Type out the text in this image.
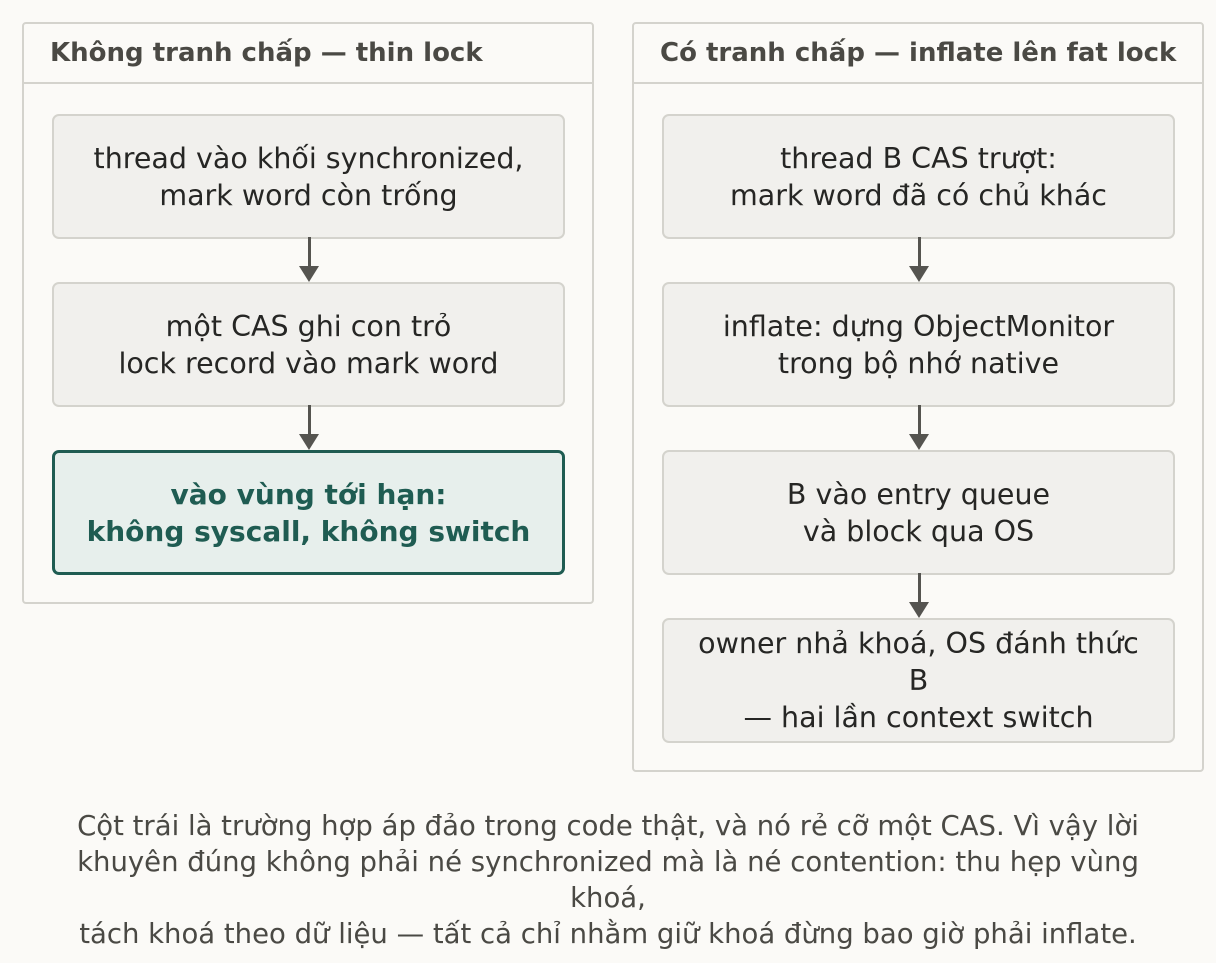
Không tranh chấp — thin lock
thread vào khối synchronized,
mark word còn trống
một CAS ghi con trỏ
lock record vào mark word
vào vùng tới hạn:
không syscall, không switch
Có tranh chấp — inflate lên fat lock
thread B CAS trượt:
mark word đã có chủ khác
inflate: dựng ObjectMonitor
trong bộ nhớ native
B vào entry queue
và block qua OS
owner nhả khoá, OS đánh thức
B
— hai lần context switch
Cột trái là trường hợp áp đảo trong code thật, và nó rẻ cỡ một CAS. Vì vậy lời
khuyên đúng không phải né synchronized mà là né contention: thu hẹp vùng
khoá,
tách khoá theo dữ liệu — tất cả chỉ nhằm giữ khoá đừng bao giờ phải inflate.
